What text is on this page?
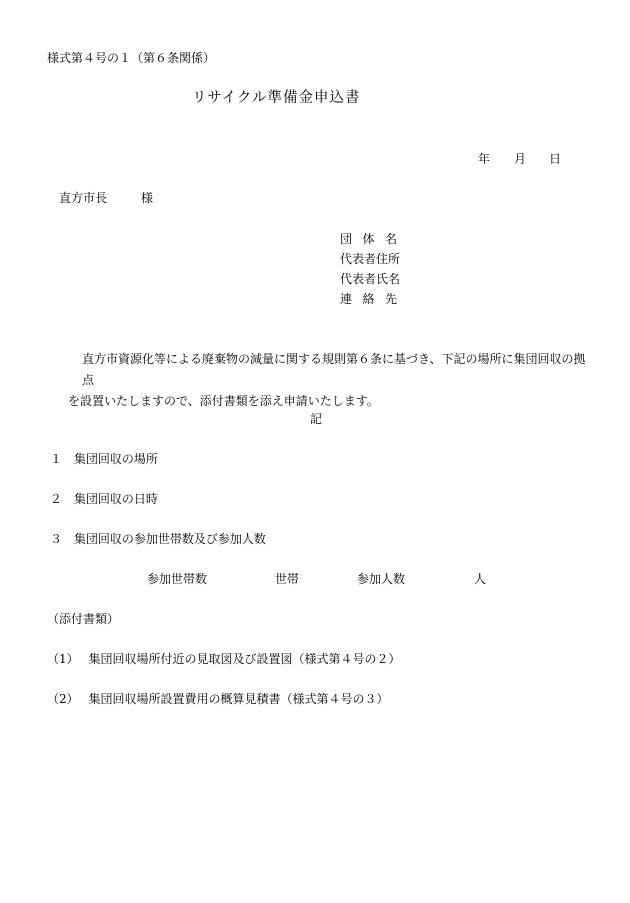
様式第４号の１（第６条関係）
リサイクル準備金申込書
年 月 日
直方市長	様
団 体 名
代表者住所
代表者氏名
連 絡 先
直方市資源化等による廃棄物の減量に関する規則第６条に基づき、下記の場所に集団回収の拠点
を設置いたしますので、添付書類を添え申請いたします。
記
１ 集団回収の場所
２ 集団回収の日時
３ 集団回収の参加世帯数及び参加人数
参加世帯数	世帯	参加人数	人
（添付書類）
（1） 集団回収場所付近の見取図及び設置図（様式第４号の２）
（2） 集団回収場所設置費用の概算見積書（様式第４号の３）
